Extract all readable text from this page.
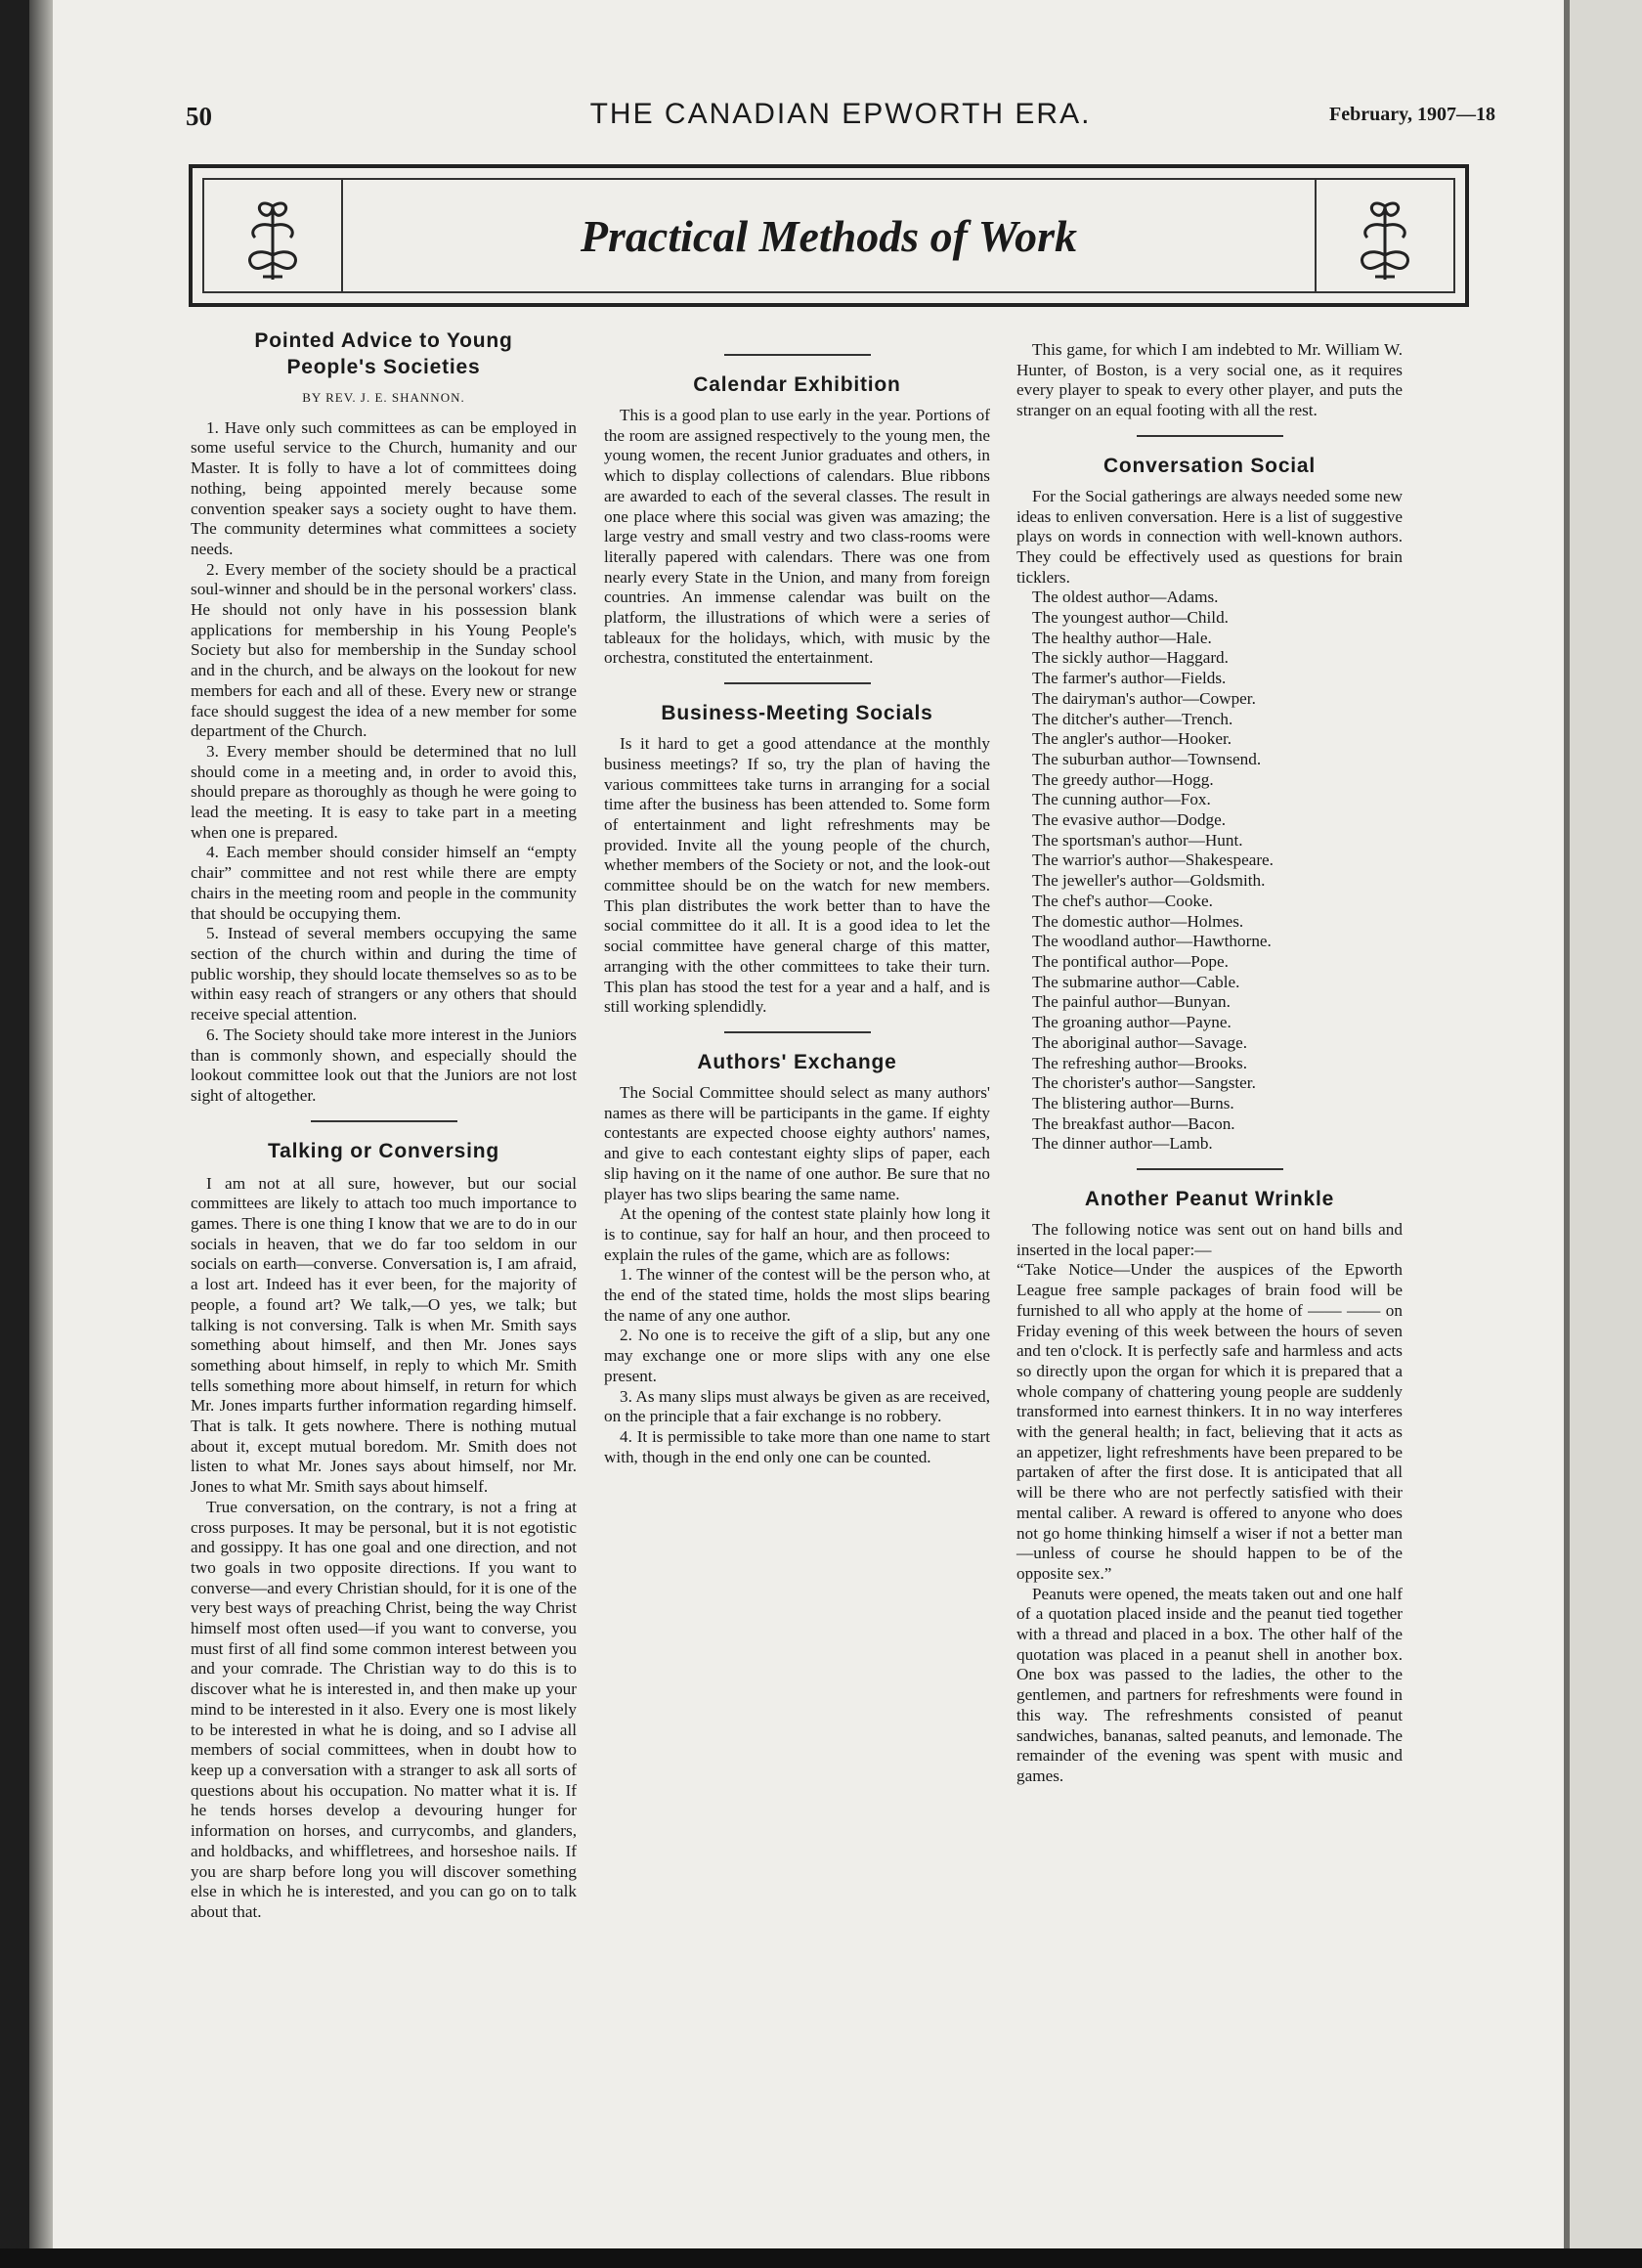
50	THE CANADIAN EPWORTH ERA.	February, 1907—18
Practical Methods of Work
Pointed Advice to Young
People's Societies
BY REV. J. E. SHANNON.

1. Have only such committees as can be employed in some useful service to the Church, humanity and our Master. It is folly to have a lot of committees doing nothing, being appointed merely because some convention speaker says a society ought to have them. The community determines what committees a society needs.

2. Every member of the society should be a practical soul-winner and should be in the personal workers' class. He should not only have in his possession blank applications for membership in his Young People's Society but also for membership in the Sunday school and in the church, and be always on the lookout for new members for each and all of these. Every new or strange face should suggest the idea of a new member for some department of the Church.

3. Every member should be determined that no lull should come in a meeting and, in order to avoid this, should prepare as thoroughly as though he were going to lead the meeting. It is easy to take part in a meeting when one is prepared.

4. Each member should consider himself an “empty chair” committee and not rest while there are empty chairs in the meeting room and people in the community that should be occupying them.

5. Instead of several members occupying the same section of the church within and during the time of public worship, they should locate themselves so as to be within easy reach of strangers or any others that should receive special attention.

6. The Society should take more interest in the Juniors than is commonly shown, and especially should the lookout committee look out that the Juniors are not lost sight of altogether.

Talking or Conversing

I am not at all sure, however, but our social committees are likely to attach too much importance to games. There is one thing I know that we are to do in our socials in heaven, that we do far too seldom in our socials on earth—converse. Conversation is, I am afraid, a lost art. Indeed has it ever been, for the majority of people, a found art? We talk,—O yes, we talk; but talking is not conversing. Talk is when Mr. Smith says something about himself, and then Mr. Jones says something about himself, in reply to which Mr. Smith tells something more about himself, in return for which Mr. Jones imparts further information regarding himself. That is talk. It gets nowhere. There is nothing mutual about it, except mutual boredom. Mr. Smith does not listen to what Mr. Jones says about himself, nor Mr. Jones to what Mr. Smith says about himself.

True conversation, on the contrary, is not a fring at cross purposes. It may be personal, but it is not egotistic and gossippy. It has one goal and one direction, and not two goals in two opposite directions. If you want to converse—and every Christian should, for it is one of the very best ways of preaching Christ, being the way Christ himself most often used—if you want to converse, you must first of all find some common interest between you and your comrade. The Christian way to do this is to discover what he is interested in, and then make up your mind to be interested in it also. Every one is most likely to be interested in what he is doing, and so I advise all members of social committees, when in doubt how to keep up a conversation with a stranger to ask all sorts of questions about his occupation. No matter what it is. If he tends horses develop a devouring hunger for information on horses, and currycombs, and glanders, and holdbacks, and whiffletrees, and horseshoe nails. If you are sharp before long you will discover something else in which he is interested, and you can go on to talk about that.

Calendar Exhibition

This is a good plan to use early in the year. Portions of the room are assigned respectively to the young men, the young women, the recent Junior graduates and others, in which to display collections of calendars. Blue ribbons are awarded to each of the several classes. The result in one place where this social was given was amazing; the large vestry and small vestry and two class-rooms were literally papered with calendars. There was one from nearly every State in the Union, and many from foreign countries. An immense calendar was built on the platform, the illustrations of which were a series of tableaux for the holidays, which, with music by the orchestra, constituted the entertainment.

Business-Meeting Socials

Is it hard to get a good attendance at the monthly business meetings? If so, try the plan of having the various committees take turns in arranging for a social time after the business has been attended to. Some form of entertainment and light refreshments may be provided. Invite all the young people of the church, whether members of the Society or not, and the look-out committee should be on the watch for new members. This plan distributes the work better than to have the social committee do it all. It is a good idea to let the social committee have general charge of this matter, arranging with the other committees to take their turn. This plan has stood the test for a year and a half, and is still working splendidly.

Authors' Exchange

The Social Committee should select as many authors' names as there will be participants in the game. If eighty contestants are expected choose eighty authors' names, and give to each contestant eighty slips of paper, each slip having on it the name of one author. Be sure that no player has two slips bearing the same name.

At the opening of the contest state plainly how long it is to continue, say for half an hour, and then proceed to explain the rules of the game, which are as follows:

1. The winner of the contest will be the person who, at the end of the stated time, holds the most slips bearing the name of any one author.

2. No one is to receive the gift of a slip, but any one may exchange one or more slips with any one else present.

3. As many slips must always be given as are received, on the principle that a fair exchange is no robbery.

4. It is permissible to take more than one name to start with, though in the end only one can be counted.

This game, for which I am indebted to Mr. William W. Hunter, of Boston, is a very social one, as it requires every player to speak to every other player, and puts the stranger on an equal footing with all the rest.

Conversation Social

For the Social gatherings are always needed some new ideas to enliven conversation. Here is a list of suggestive plays on words in connection with well-known authors. They could be effectively used as questions for brain ticklers.

The oldest author—Adams.
The youngest author—Child.
The healthy author—Hale.
The sickly author—Haggard.
The farmer's author—Fields.
The dairyman's author—Cowper.
The ditcher's auther—Trench.
The angler's author—Hooker.
The suburban author—Townsend.
The greedy author—Hogg.
The cunning author—Fox.
The evasive author—Dodge.
The sportsman's author—Hunt.
The warrior's author—Shakespeare.
The jeweller's author—Goldsmith.
The chef's author—Cooke.
The domestic author—Holmes.
The woodland author—Hawthorne.
The pontifical author—Pope.
The submarine author—Cable.
The painful author—Bunyan.
The groaning author—Payne.
The aboriginal author—Savage.
The refreshing author—Brooks.
The chorister's author—Sangster.
The blistering author—Burns.
The breakfast author—Bacon.
The dinner author—Lamb.
Another Peanut Wrinkle

The following notice was sent out on hand bills and inserted in the local paper:—

“Take Notice—Under the auspices of the Epworth League free sample packages of brain food will be furnished to all who apply at the home of —— —— on Friday evening of this week between the hours of seven and ten o'clock. It is perfectly safe and harmless and acts so directly upon the organ for which it is prepared that a whole company of chattering young people are suddenly transformed into earnest thinkers. It in no way interferes with the general health; in fact, believing that it acts as an appetizer, light refreshments have been prepared to be partaken of after the first dose. It is anticipated that all will be there who are not perfectly satisfied with their mental caliber. A reward is offered to anyone who does not go home thinking himself a wiser if not a better man—unless of course he should happen to be of the opposite sex.”

Peanuts were opened, the meats taken out and one half of a quotation placed inside and the peanut tied together with a thread and placed in a box. The other half of the quotation was placed in a peanut shell in another box. One box was passed to the ladies, the other to the gentlemen, and partners for refreshments were found in this way. The refreshments consisted of peanut sandwiches, bananas, salted peanuts, and lemonade. The remainder of the evening was spent with music and games.
